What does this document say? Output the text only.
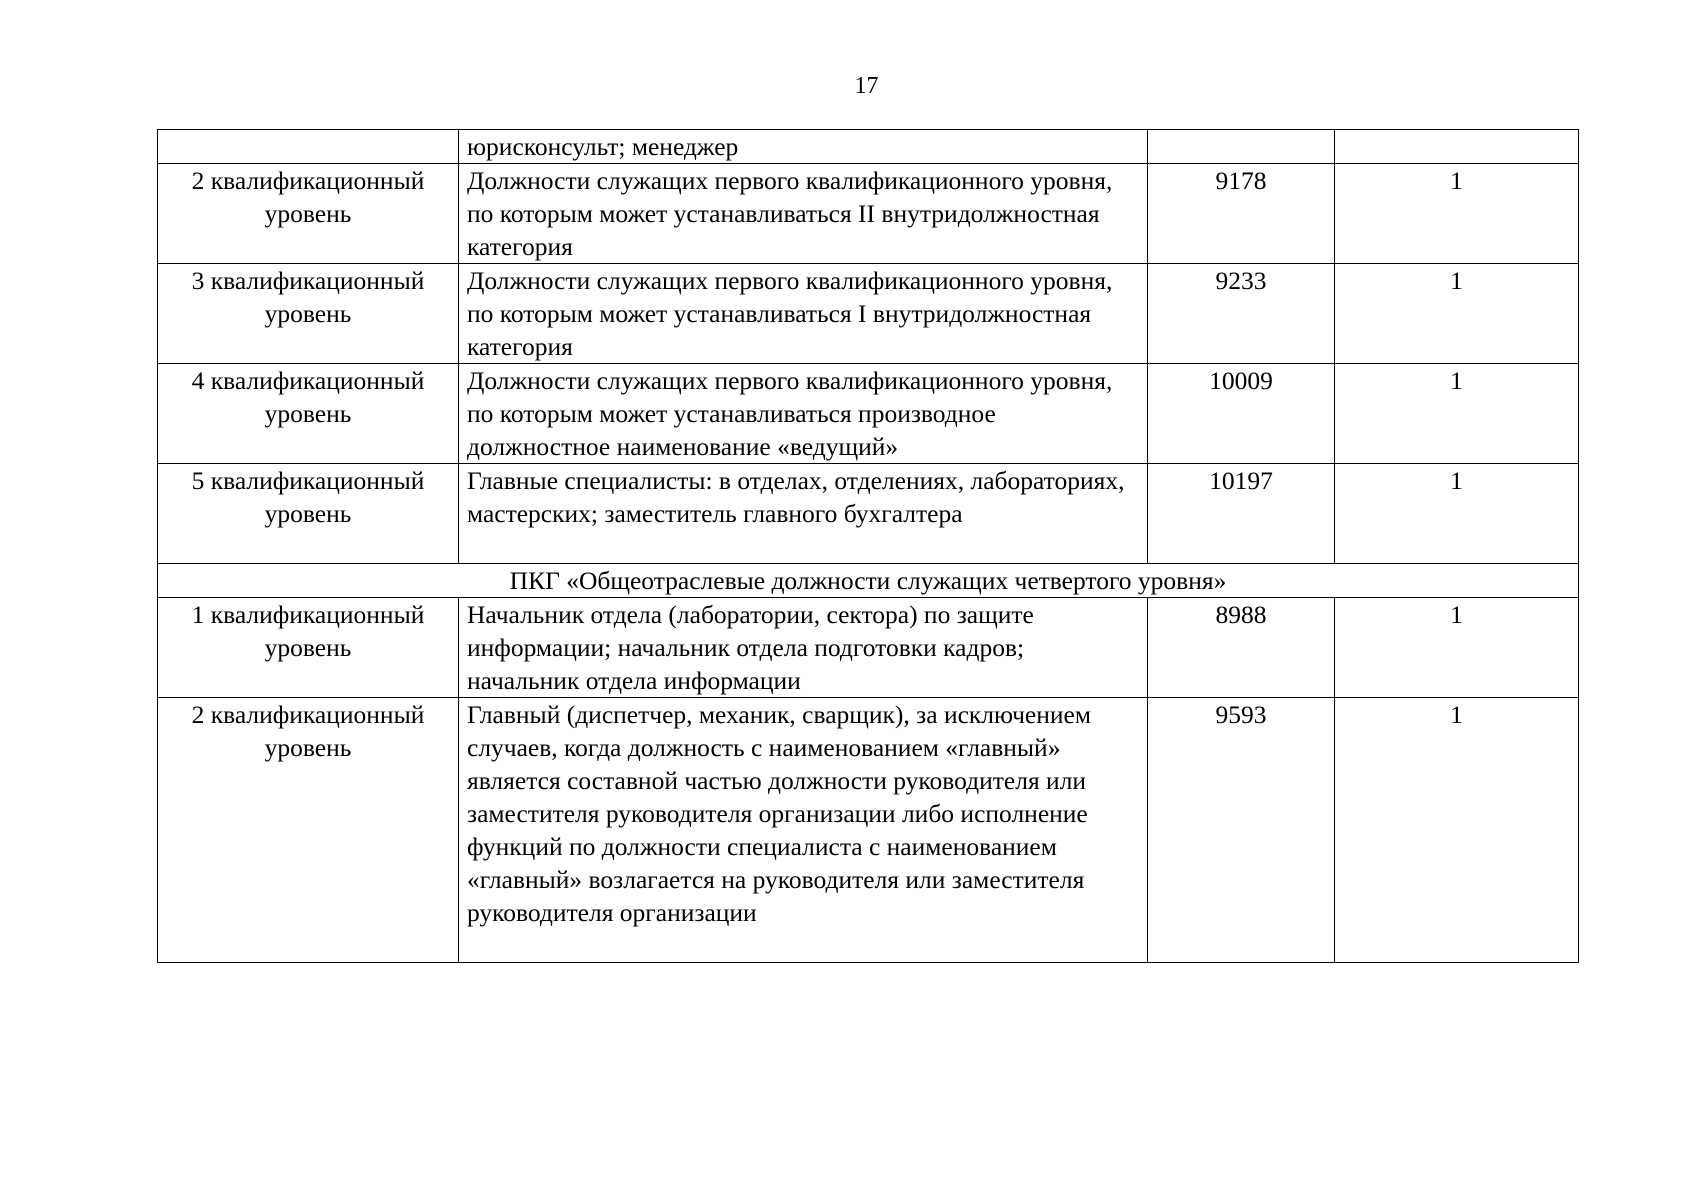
17
	юрисконсульт; менеджер		
2 квалификационный уровень	Должности служащих первого квалификационного уровня, по которым может устанавливаться II внутридолжностная категория	9178	1
3 квалификационный уровень	Должности служащих первого квалификационного уровня, по которым может устанавливаться I внутридолжностная категория	9233	1
4 квалификационный уровень	Должности служащих первого квалификационного уровня, по которым может устанавливаться производное должностное наименование «ведущий»	10009	1
5 квалификационный уровень	Главные специалисты: в отделах, отделениях, лабораториях, мастерских; заместитель главного бухгалтера	10197	1
ПКГ «Общеотраслевые должности служащих четвертого уровня»			
1 квалификационный уровень	Начальник отдела (лаборатории, сектора) по защите информации; начальник отдела подготовки кадров; начальник отдела информации	8988	1
2 квалификационный уровень	Главный (диспетчер, механик, сварщик), за исключением случаев, когда должность с наименованием «главный» является составной частью должности руководителя или заместителя руководителя организации либо исполнение функций по должности специалиста с наименованием «главный» возлагается на руководителя или заместителя руководителя организации	9593	1
